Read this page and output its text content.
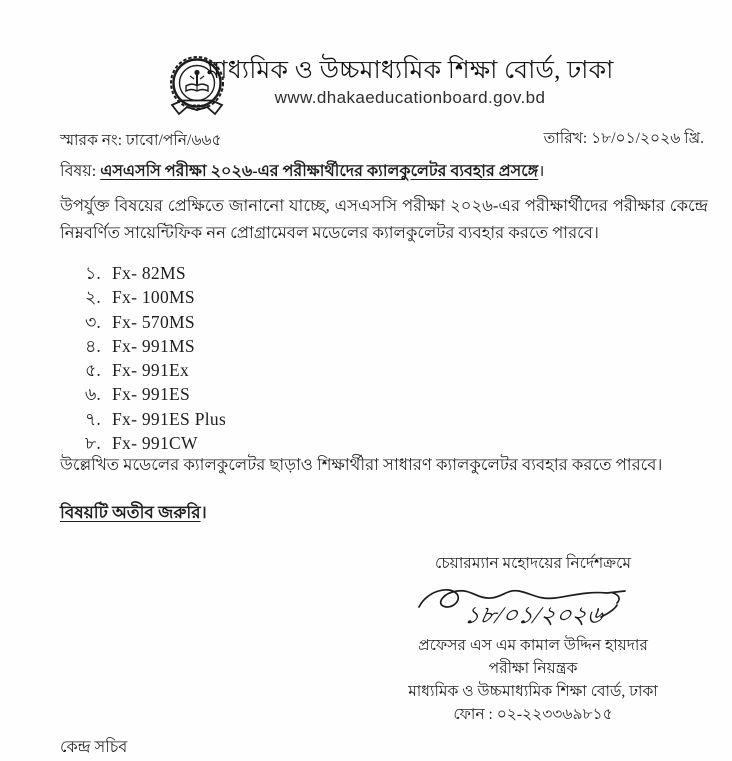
মাধ্যমিক ও উচ্চমাধ্যমিক শিক্ষা বোর্ড, ঢাকা
www.dhakaeducationboard.gov.bd
স্মারক নং: ঢাবো/পনি/৬৬৫	তারিখ: ১৮/০১/২০২৬ খ্রি.
বিষয়: এসএসসি পরীক্ষা ২০২৬-এর পরীক্ষার্থীদের ক্যালকুলেটর ব্যবহার প্রসঙ্গে।
উপর্যুক্ত বিষয়ের প্রেক্ষিতে জানানো যাচ্ছে, এসএসসি পরীক্ষা ২০২৬-এর পরীক্ষার্থীদের পরীক্ষার কেন্দ্রে নিম্নবর্ণিত সায়েন্টিফিক নন প্রোগ্রামেবল মডেলের ক্যালকুলেটর ব্যবহার করতে পারবে।
১. Fx- 82MS
২. Fx- 100MS
৩. Fx- 570MS
৪. Fx- 991MS
৫. Fx- 991Ex
৬. Fx- 991ES
৭. Fx- 991ES Plus
৮. Fx- 991CW
উল্লেখিত মডেলের ক্যালকুলেটর ছাড়াও শিক্ষার্থীরা সাধারণ ক্যালকুলেটর ব্যবহার করতে পারবে।
বিষয়টি অতীব জরুরি।
চেয়ারম্যান মহোদয়ের নির্দেশক্রমে
১৮/০১/২০২৬
প্রফেসর এস এম কামাল উদ্দিন হায়দার
পরীক্ষা নিয়ন্ত্রক
মাধ্যমিক ও উচ্চমাধ্যমিক শিক্ষা বোর্ড, ঢাকা
ফোন : ০২-২২৩৩৬৯৮১৫
কেন্দ্র সচিব
